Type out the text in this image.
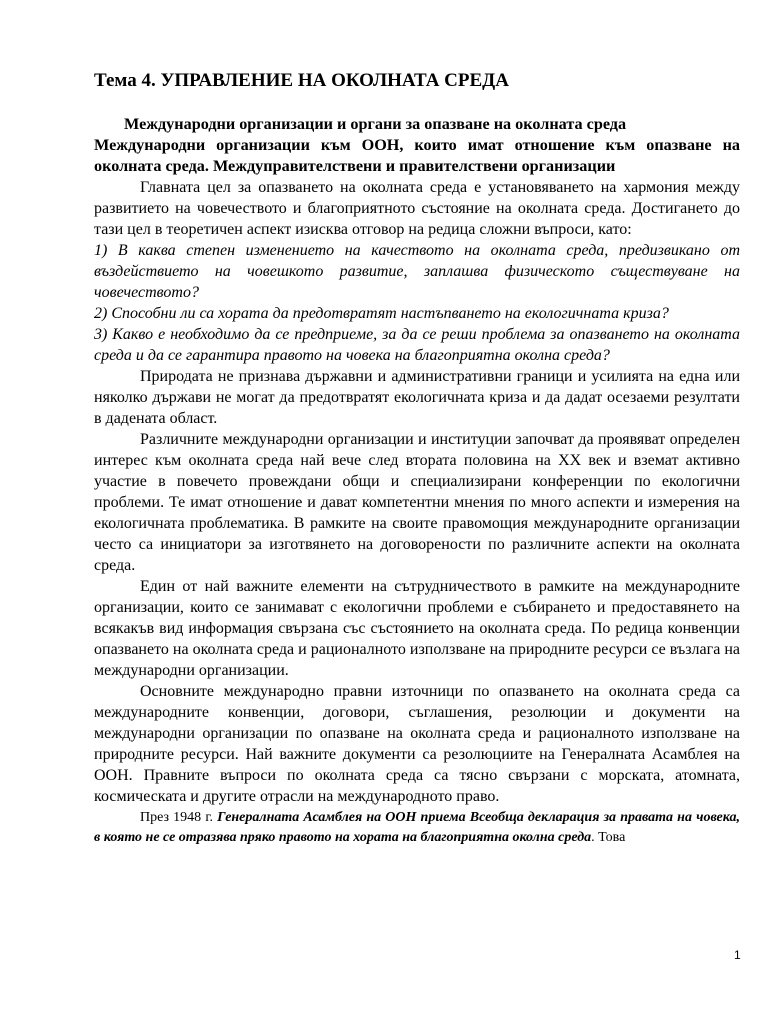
Тема 4. УПРАВЛЕНИЕ НА ОКОЛНАТА СРЕДА

Международни организации и органи за опазване на околната среда
Международни организации към ООН, които имат отношение към опазване на околната среда. Междуправителствени и правителствени организации

Главната цел за опазването на околната среда е установяването на хармония между развитието на човечеството и благоприятното състояние на околната среда. Достигането до тази цел в теоретичен аспект изисква отговор на редица сложни въпроси, като:

1) В каква степен изменението на качеството на околната среда, предизвикано от въздействието на човешкото развитие, заплашва физическото съществуване на човечеството?

2) Способни ли са хората да предотвратят настъпването на екологичната криза?

3) Какво е необходимо да се предприеме, за да се реши проблема за опазването на околната среда и да се гарантира правото на човека на благоприятна околна среда?

Природата не признава държавни и административни граници и усилията на една или няколко държави не могат да предотвратят екологичната криза и да дадат осезаеми резултати в дадената област.

Различните международни организации и институции започват да проявяват определен интерес към околната среда най вече след втората половина на XX век и вземат активно участие в повечето провеждани общи и специализирани конференции по екологични проблеми. Те имат отношение и дават компетентни мнения по много аспекти и измерения на екологичната проблематика. В рамките на своите правомощия международните организации често са инициатори за изготвянето на договорености по различните аспекти на околната среда.

Един от най важните елементи на сътрудничеството в рамките на международните организации, които се занимават с екологични проблеми е събирането и предоставянето на всякакъв вид информация свързана със състоянието на околната среда. По редица конвенции опазването на околната среда и рационалното използване на природните ресурси се възлага на международни организации.

Основните международно правни източници по опазването на околната среда са международните конвенции, договори, съглашения, резолюции и документи на международни организации по опазване на околната среда и рационалното използване на природните ресурси. Най важните документи са резолюциите на Генералната Асамблея на ООН. Правните въпроси по околната среда са тясно свързани с морската, атомната, космическата и другите отрасли на международното право.

През 1948 г. Генералната Асамблея на ООН приема Всеобща декларация за правата на човека, в която не се отразява пряко правото на хората на благоприятна околна среда. Това

1
